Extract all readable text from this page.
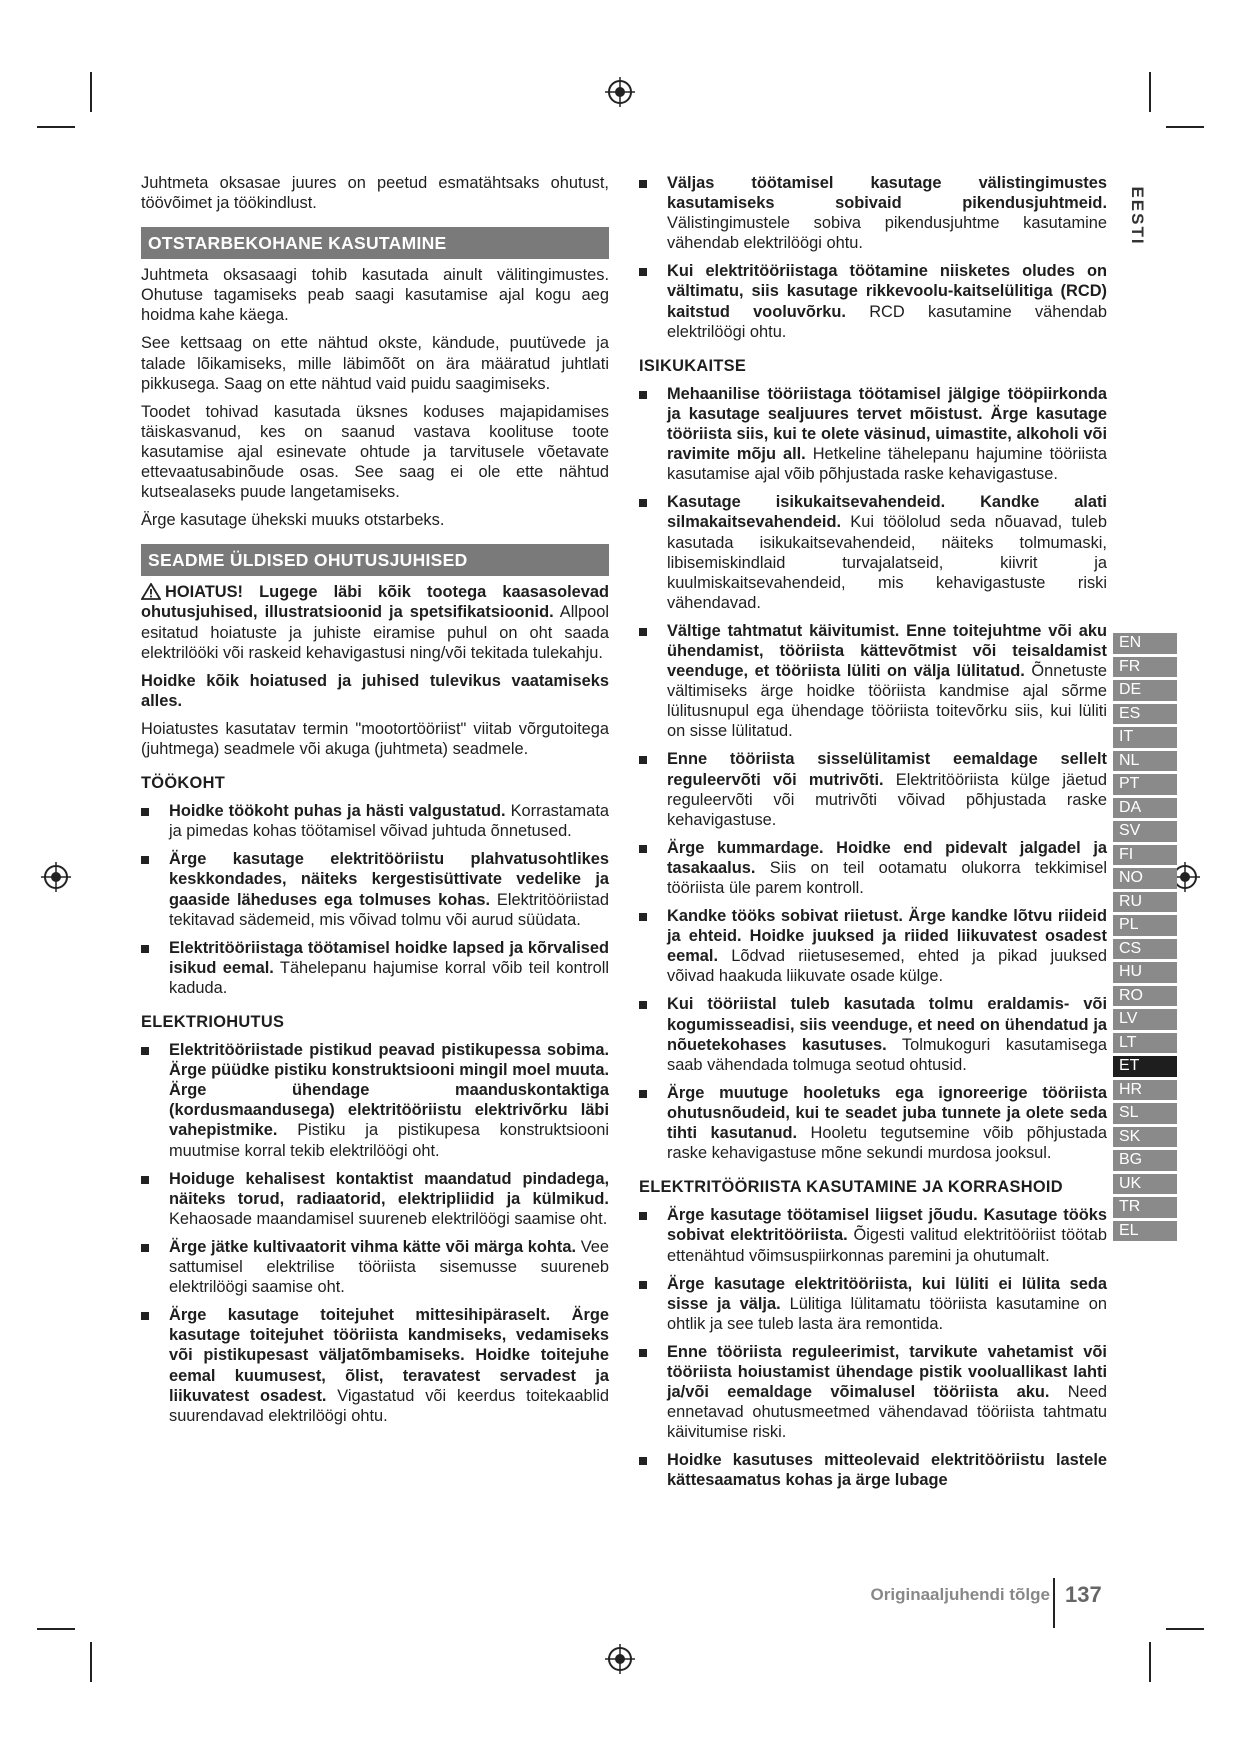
Juhtmeta oksasae juures on peetud esmatähtsaks ohutust, töövõimet ja töökindlust.

OTSTARBEKOHANE KASUTAMINE

Juhtmeta oksasaagi tohib kasutada ainult välitingimustes. Ohutuse tagamiseks peab saagi kasutamise ajal kogu aeg hoidma kahe käega.

See kettsaag on ette nähtud okste, kändude, puutüvede ja talade lõikamiseks, mille läbimõõt on ära määratud juhtlati pikkusega. Saag on ette nähtud vaid puidu saagimiseks.

Toodet tohivad kasutada üksnes koduses majapidamises täiskasvanud, kes on saanud vastava koolituse toote kasutamise ajal esinevate ohtude ja tarvitusele võetavate ettevaatusabinõude osas. See saag ei ole ette nähtud kutsealaseks puude langetamiseks.

Ärge kasutage ühekski muuks otstarbeks.

SEADME ÜLDISED OHUTUSJUHISED

HOIATUS! Lugege läbi kõik tootega kaasasolevad ohutusjuhised, illustratsioonid ja spetsifikatsioonid. Allpool esitatud hoiatuste ja juhiste eiramise puhul on oht saada elektrilööki või raskeid kehavigastusi ning/või tekitada tulekahju.

Hoidke kõik hoiatused ja juhised tulevikus vaatamiseks alles.

Hoiatustes kasutatav termin "mootortööriist" viitab võrgutoitega (juhtmega) seadmele või akuga (juhtmeta) seadmele.

TÖÖKOHT
Hoidke töökoht puhas ja hästi valgustatud. Korrastamata ja pimedas kohas töötamisel võivad juhtuda õnnetused.
Ärge kasutage elektritööriistu plahvatusohtlikes keskkondades, näiteks kergestisüttivate vedelike ja gaaside läheduses ega tolmuses kohas. Elektritööriistad tekitavad sädemeid, mis võivad tolmu või aurud süüdata.
Elektritööriistaga töötamisel hoidke lapsed ja kõrvalised isikud eemal. Tähelepanu hajumise korral võib teil kontroll kaduda.
ELEKTRIOHUTUS
Elektritööriistade pistikud peavad pistikupessa sobima. Ärge püüdke pistiku konstruktsiooni mingil moel muuta. Ärge ühendage maanduskontaktiga (kordusmaandusega) elektritööriistu elektrivõrku läbi vahepistmike. Pistiku ja pistikupesa konstruktsiooni muutmise korral tekib elektrilöögi oht.
Hoiduge kehalisest kontaktist maandatud pindadega, näiteks torud, radiaatorid, elektripliidid ja külmikud. Kehaosade maandamisel suureneb elektrilöögi saamise oht.
Ärge jätke kultivaatorit vihma kätte või märga kohta. Vee sattumisel elektrilise tööriista sisemusse suureneb elektrilöögi saamise oht.
Ärge kasutage toitejuhet mittesihipäraselt. Ärge kasutage toitejuhet tööriista kandmiseks, vedamiseks või pistikupesast väljatõmbamiseks. Hoidke toitejuhe eemal kuumusest, õlist, teravatest servadest ja liikuvatest osadest. Vigastatud või keerdus toitekaablid suurendavad elektrilöögi ohtu.
Väljas töötamisel kasutage välistingimustes kasutamiseks sobivaid pikendusjuhtmeid. Välistingimustele sobiva pikendusjuhtme kasutamine vähendab elektrilöögi ohtu.
Kui elektritööriistaga töötamine niisketes oludes on vältimatu, siis kasutage rikkevoolu-kaitselülitiga (RCD) kaitstud vooluvõrku. RCD kasutamine vähendab elektrilöögi ohtu.
ISIKUKAITSE
Mehaanilise tööriistaga töötamisel jälgige tööpiirkonda ja kasutage sealjuures tervet mõistust. Ärge kasutage tööriista siis, kui te olete väsinud, uimastite, alkoholi või ravimite mõju all. Hetkeline tähelepanu hajumine tööriista kasutamise ajal võib põhjustada raske kehavigastuse.
Kasutage isikukaitsevahendeid. Kandke alati silmakaitsevahendeid. Kui töölolud seda nõuavad, tuleb kasutada isikukaitsevahendeid, näiteks tolmumaski, libisemiskindlaid turvajalatseid, kiivrit ja kuulmiskaitsevahendeid, mis kehavigastuste riski vähendavad.
Vältige tahtmatut käivitumist. Enne toitejuhtme või aku ühendamist, tööriista kättevõtmist või teisaldamist veenduge, et tööriista lüliti on välja lülitatud. Õnnetuste vältimiseks ärge hoidke tööriista kandmise ajal sõrme lülitusnupul ega ühendage tööriista toitevõrku siis, kui lüliti on sisse lülitatud.
Enne tööriista sisselülitamist eemaldage sellelt reguleervõti või mutrivõti. Elektritööriista külge jäetud reguleervõti või mutrivõti võivad põhjustada raske kehavigastuse.
Ärge kummardage. Hoidke end pidevalt jalgadel ja tasakaalus. Siis on teil ootamatu olukorra tekkimisel tööriista üle parem kontroll.
Kandke tööks sobivat riietust. Ärge kandke lõtvu riideid ja ehteid. Hoidke juuksed ja riided liikuvatest osadest eemal. Lõdvad riietusesemed, ehted ja pikad juuksed võivad haakuda liikuvate osade külge.
Kui tööriistal tuleb kasutada tolmu eraldamis- või kogumisseadisi, siis veenduge, et need on ühendatud ja nõuetekohases kasutuses. Tolmukoguri kasutamisega saab vähendada tolmuga seotud ohtusid.
Ärge muutuge hooletuks ega ignoreerige tööriista ohutusnõudeid, kui te seadet juba tunnete ja olete seda tihti kasutanud. Hooletu tegutsemine võib põhjustada raske kehavigastuse mõne sekundi murdosa jooksul.
ELEKTRITÖÖRIISTA KASUTAMINE JA KORRASHOID
Ärge kasutage töötamisel liigset jõudu. Kasutage tööks sobivat elektritööriista. Õigesti valitud elektritööriist töötab ettenähtud võimsuspiirkonnas paremini ja ohutumalt.
Ärge kasutage elektritööriista, kui lüliti ei lülita seda sisse ja välja. Lülitiga lülitamatu tööriista kasutamine on ohtlik ja see tuleb lasta ära remontida.
Enne tööriista reguleerimist, tarvikute vahetamist või tööriista hoiustamist ühendage pistik vooluallikast lahti ja/või eemaldage võimalusel tööriista aku. Need ennetavad ohutusmeetmed vähendavad tööriista tahtmatu käivitumise riski.
Hoidke kasutuses mitteolevaid elektritööriistu lastele kättesaamatus kohas ja ärge lubage
EESTI
EN
FR
DE
ES
IT
NL
PT
DA
SV
FI
NO
RU
PL
CS
HU
RO
LV
LT
ET
HR
SL
SK
BG
UK
TR
EL
Originaaljuhendi tõlge 137
